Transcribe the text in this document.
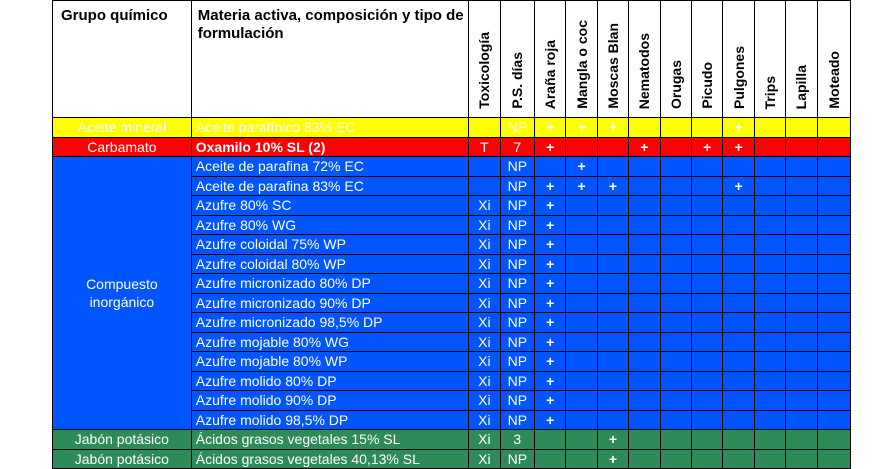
Grupo químico	Materia activa, composición y tipo de formulación	Toxicología	P.S. días	Araña roja	Mangla o coc	Moscas Blan	Nematodos	Orugas	Picudo	Pulgones	Trips	Lapilla	Moteado
Aceite mineral	Aceite parafínico 83% EC		NP	+	+	+				+			
Carbamato	Oxamilo 10% SL (2)	T	7	+			+		+	+			
Compuesto inorgánico	Aceite de parafina 72% EC		NP		+								
	Aceite de parafina 83% EC		NP	+	+	+				+			
	Azufre 80% SC	Xi	NP	+									
	Azufre 80% WG	Xi	NP	+									
	Azufre coloidal 75% WP	Xi	NP	+									
	Azufre coloidal 80% WP	Xi	NP	+									
	Azufre micronizado 80% DP	Xi	NP	+									
	Azufre micronizado 90% DP	Xi	NP	+									
	Azufre micronizado 98,5% DP	Xi	NP	+									
	Azufre mojable 80% WG	Xi	NP	+									
	Azufre mojable 80% WP	Xi	NP	+									
	Azufre molido 80% DP	Xi	NP	+									
	Azufre molido 90% DP	Xi	NP	+									
	Azufre molido 98,5% DP	Xi	NP	+									
Jabón potásico	Ácidos grasos vegetales 15% SL	Xi	3			+							
Jabón potásico	Ácidos grasos vegetales 40,13% SL	Xi	NP			+							
